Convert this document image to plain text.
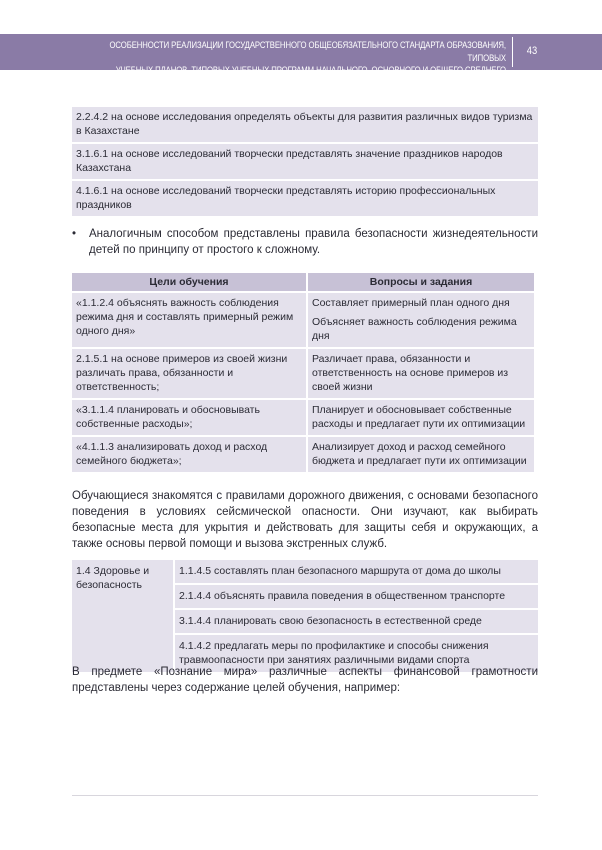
ОСОБЕННОСТИ РЕАЛИЗАЦИИ ГОСУДАРСТВЕННОГО ОБЩЕОБЯЗАТЕЛЬНОГО СТАНДАРТА ОБРАЗОВАНИЯ, ТИПОВЫХ
УЧЕБНЫХ ПЛАНОВ, ТИПОВЫХ УЧЕБНЫХ ПРОГРАММ НАЧАЛЬНОГО, ОСНОВНОГО И ОБЩЕГО СРЕДНЕГО ОБРАЗОВАНИЯ
43
2.2.4.2 на основе исследования определять объекты для развития различных видов туризма в Казахстане
3.1.6.1 на основе исследований творчески представлять значение праздников народов Казахстана
4.1.6.1 на основе исследований творчески представлять историю профессиональных праздников
•	Аналогичным способом представлены правила безопасности жизнедеятельности детей по принципу от простого к сложному.
Цели обучения	Вопросы и задания
«1.1.2.4 объяснять важность соблюдения режима дня и составлять примерный режим одного дня»	Составляет примерный план одного дня

Объясняет важность соблюдения режима дня

2.1.5.1 на основе примеров из своей жизни различать права, обязанности и ответственность;	Различает права, обязанности и ответственность на основе примеров из своей жизни

«3.1.1.4 планировать и обосновывать собственные расходы»;	Планирует и обосновывает собственные расходы и предлагает пути их оптимизации

«4.1.1.3 анализировать доход и расход семейного бюджета»;	Анализирует доход и расход семейного бюджета и предлагает пути их оптимизации

Обучающиеся знакомятся с правилами дорожного движения, с основами безопасного поведения в условиях сейсмической опасности. Они изучают, как выбирать безопасные места для укрытия и действовать для защиты себя и окружающих, а также основы первой помощи и вызова экстренных служб.

1.4 Здоровье и безопасность
1.1.4.5 составлять план безопасного маршрута от дома до школы
2.1.4.4 объяснять правила поведения в общественном транспорте
3.1.4.4 планировать свою безопасность в естественной среде
4.1.4.2 предлагать меры по профилактике и способы снижения травмоопасности при занятиях различными видами спорта

В предмете «Познание мира» различные аспекты финансовой грамотности представлены через содержание целей обучения, например:
